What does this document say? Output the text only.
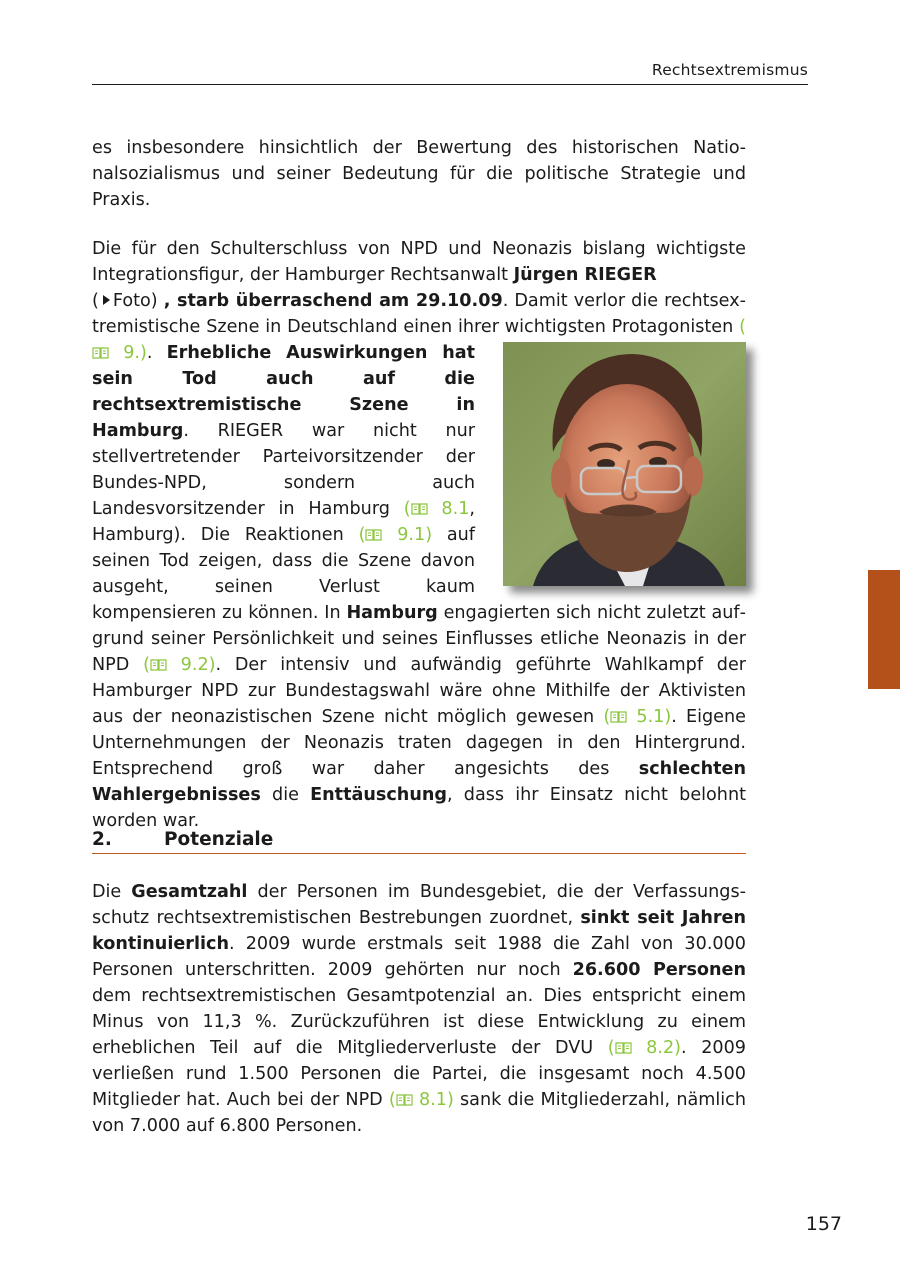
Rechtsextremismus

es insbesondere hinsichtlich der Bewertung des historischen Nationalsozialismus und seiner Bedeutung für die politische Strategie und Praxis.

Die für den Schulterschluss von NPD und Neonazis bislang wichtigste Integrationsfigur, der Hamburger Rechtsanwalt Jürgen RIEGER
( Foto) , starb überraschend am 29.10.09. Damit verlor die rechtsextremistische Szene in Deutschland einen ihrer wichtigsten Protagonisten
( 9.). Erhebliche Auswirkungen hat sein Tod auch auf die rechtsextremistische Szene in Hamburg. RIEGER war nicht nur stellvertretender Parteivorsitzender der Bundes-NPD, sondern auch Landesvorsitzender in Hamburg ( 8.1, Hamburg). Die Reaktionen ( 9.1) auf seinen Tod zeigen, dass die Szene davon ausgeht, seinen Verlust kaum kompensieren zu können. In Hamburg engagierten sich nicht zuletzt aufgrund seiner Persönlichkeit und seines Einflusses etliche Neonazis in der NPD ( 9.2). Der intensiv und aufwändig geführte Wahlkampf der Hamburger NPD zur Bundestagswahl wäre ohne Mithilfe der Aktivisten aus der neonazistischen Szene nicht möglich gewesen ( 5.1). Eigene Unternehmungen der Neonazis traten dagegen in den Hintergrund. Entsprechend groß war daher angesichts des schlechten Wahlergebnisses die Enttäuschung, dass ihr Einsatz nicht belohnt worden war.

2.	Potenziale

Die Gesamtzahl der Personen im Bundesgebiet, die der Verfassungsschutz rechtsextremistischen Bestrebungen zuordnet, sinkt seit Jahren kontinuierlich. 2009 wurde erstmals seit 1988 die Zahl von 30.000 Personen unterschritten. 2009 gehörten nur noch 26.600 Personen dem rechtsextremistischen Gesamtpotenzial an. Dies entspricht einem Minus von 11,3 %. Zurückzuführen ist diese Entwicklung zu einem erheblichen Teil auf die Mitgliederverluste der DVU ( 8.2). 2009 verließen rund 1.500 Personen die Partei, die insgesamt noch 4.500 Mitglieder hat. Auch bei der NPD ( 8.1) sank die Mitgliederzahl, nämlich von 7.000 auf 6.800 Personen.

157
